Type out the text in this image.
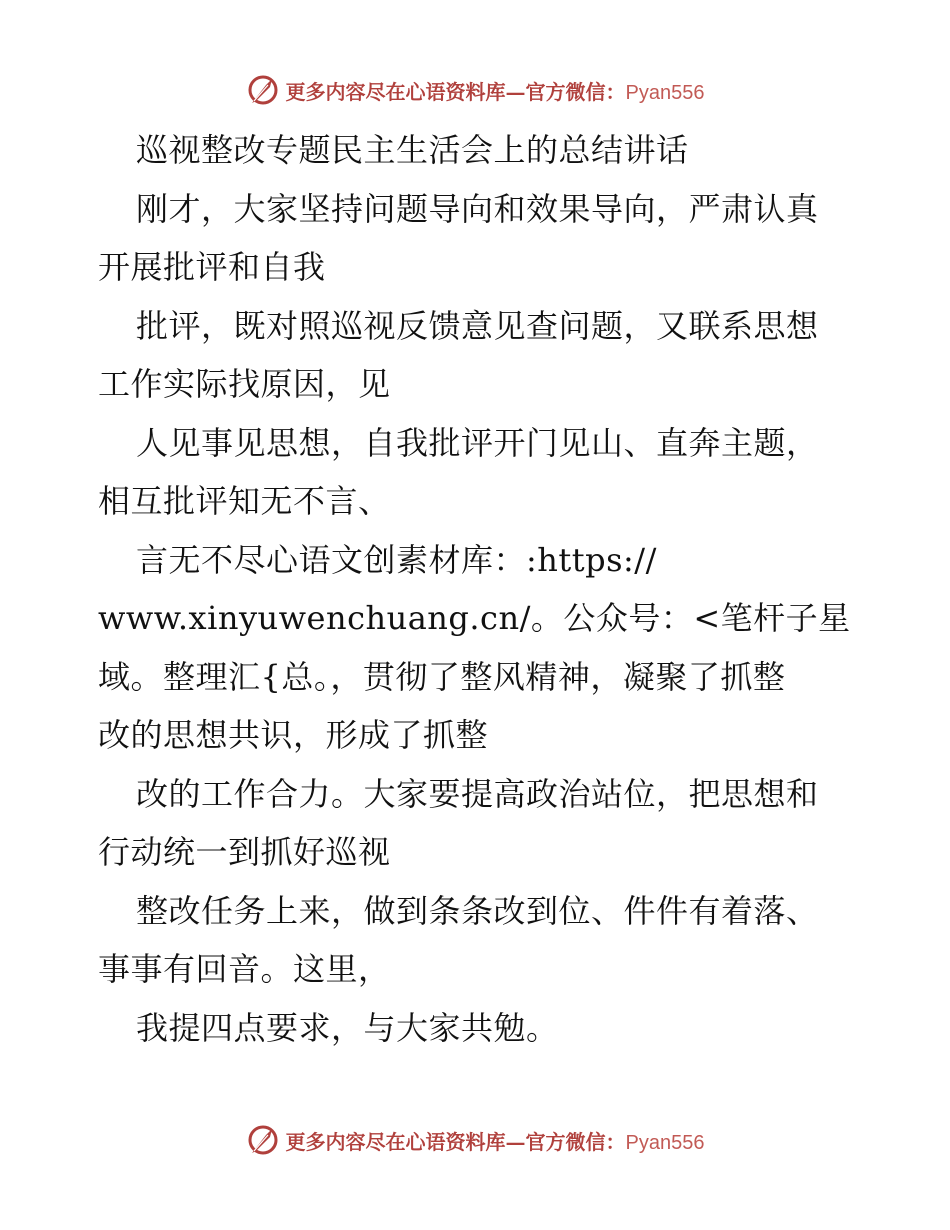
更多内容尽在心语资料库—官方微信：Pyan556
巡视整改专题民主生活会上的总结讲话
刚才，大家坚持问题导向和效果导向，严肃认真
开展批评和自我
批评，既对照巡视反馈意见查问题，又联系思想
工作实际找原因，见
人见事见思想，自我批评开门见山、直奔主题，
相互批评知无不言、
言无不尽心语文创素材库：:https://
www.xinyuwenchuang.cn/。公众号：<笔杆子星
域。整理汇{总。，贯彻了整风精神，凝聚了抓整
改的思想共识，形成了抓整
改的工作合力。大家要提高政治站位，把思想和
行动统一到抓好巡视
整改任务上来，做到条条改到位、件件有着落、
事事有回音。这里，
我提四点要求，与大家共勉。
更多内容尽在心语资料库—官方微信：Pyan556
